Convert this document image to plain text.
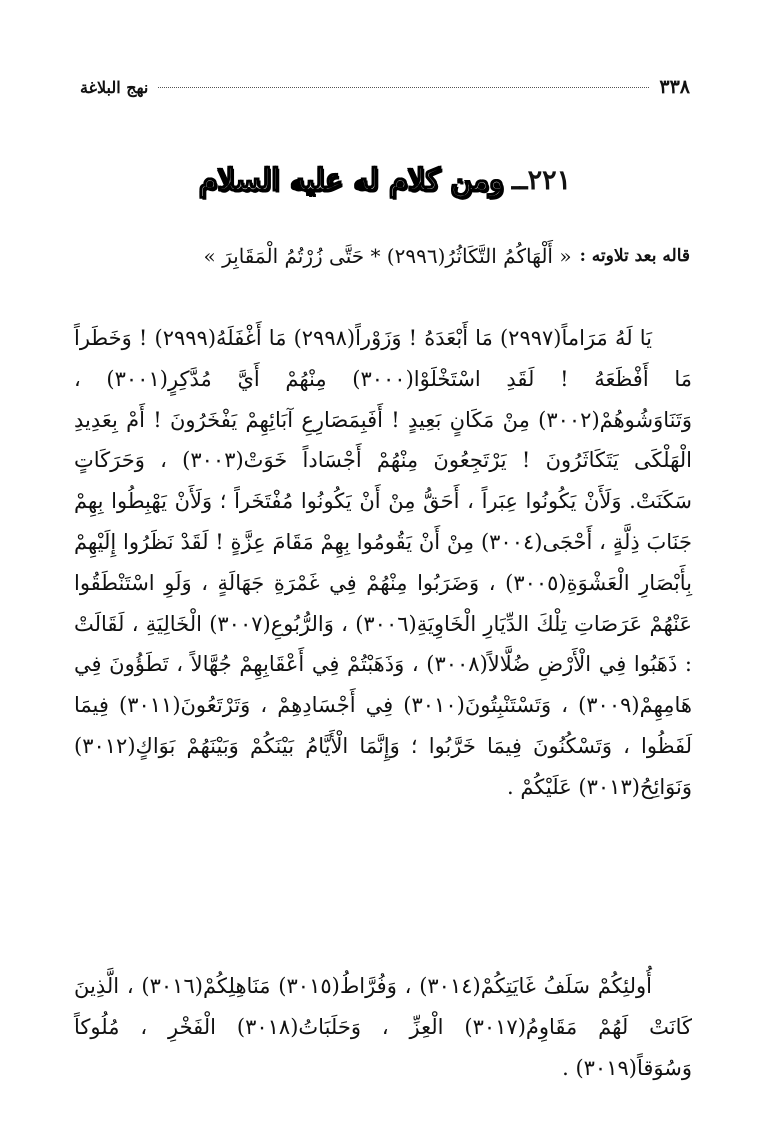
٣٣٨
نهج البلاغة
٢٢١ــ
ومن كلام له عليه السلام
قاله بعد تلاوته :
« أَلْهَاكُمُ التَّكَاثُرُ(٢٩٩٦) * حَتَّى زُرْتُمُ الْمَقَابِرَ »

يَا لَهُ مَرَاماً(٢٩٩٧) مَا أَبْعَدَهُ ! وَزَوْراً(٢٩٩٨) مَا أَغْفَلَهُ(٢٩٩٩) ! وَخَطَراً مَا أَفْظَعَهُ ! لَقَدِ اسْتَخْلَوْا(٣٠٠٠) مِنْهُمْ أَيَّ مُدَّكِرٍ(٣٠٠١) ، وَتَنَاوَشُوهُمْ(٣٠٠٢) مِنْ مَكَانٍ بَعِيدٍ ! أَفَبِمَصَارِعِ آبَائِهِمْ يَفْخَرُونَ ! أَمْ بِعَدِيدِ الْهَلْكَى يَتَكَاثَرُونَ ! يَرْتَجِعُونَ مِنْهُمْ أَجْسَاداً خَوَتْ(٣٠٠٣) ، وَحَرَكَاتٍ سَكَنَتْ. وَلَأَنْ يَكُونُوا عِبَراً ، أَحَقُّ مِنْ أَنْ يَكُونُوا مُفْتَخَراً ؛ وَلَأَنْ يَهْبِطُوا بِهِمْ جَنَابَ ذِلَّةٍ ، أَحْجَى(٣٠٠٤) مِنْ أَنْ يَقُومُوا بِهِمْ مَقَامَ عِزَّةٍ ! لَقَدْ نَظَرُوا إِلَيْهِمْ بِأَبْصَارِ الْعَشْوَةِ(٣٠٠٥) ، وَضَرَبُوا مِنْهُمْ فِي غَمْرَةِ جَهَالَةٍ ، وَلَوِ اسْتَنْطَقُوا عَنْهُمْ عَرَصَاتِ تِلْكَ الدِّيَارِ الْخَاوِيَةِ(٣٠٠٦) ، وَالرُّبُوعِ(٣٠٠٧) الْخَالِيَةِ ، لَقَالَتْ : ذَهَبُوا فِي الْأَرْضِ ضُلَّالاً(٣٠٠٨) ، وَذَهَبْتُمْ فِي أَعْقَابِهِمْ جُهَّالاً ، تَطَؤُونَ فِي هَامِهِمْ(٣٠٠٩) ، وَتَسْتَنْبِتُونَ(٣٠١٠) فِي أَجْسَادِهِمْ ، وَتَرْتَعُونَ(٣٠١١) فِيمَا لَفَظُوا ، وَتَسْكُنُونَ فِيمَا خَرَّبُوا ؛ وَإِنَّمَا الْأَيَّامُ بَيْنَكُمْ وَبَيْنَهُمْ بَوَاكٍ(٣٠١٢) وَنَوَائِحُ(٣٠١٣) عَلَيْكُمْ .

أُولئِكُمْ سَلَفُ غَايَتِكُمْ(٣٠١٤) ، وَفُرَّاطُ(٣٠١٥) مَنَاهِلِكُمْ(٣٠١٦) ، الَّذِينَ كَانَتْ لَهُمْ مَقَاوِمُ(٣٠١٧) الْعِزِّ ، وَحَلَبَاتُ(٣٠١٨) الْفَخْرِ ، مُلُوكاً وَسُوَقاً(٣٠١٩) .
